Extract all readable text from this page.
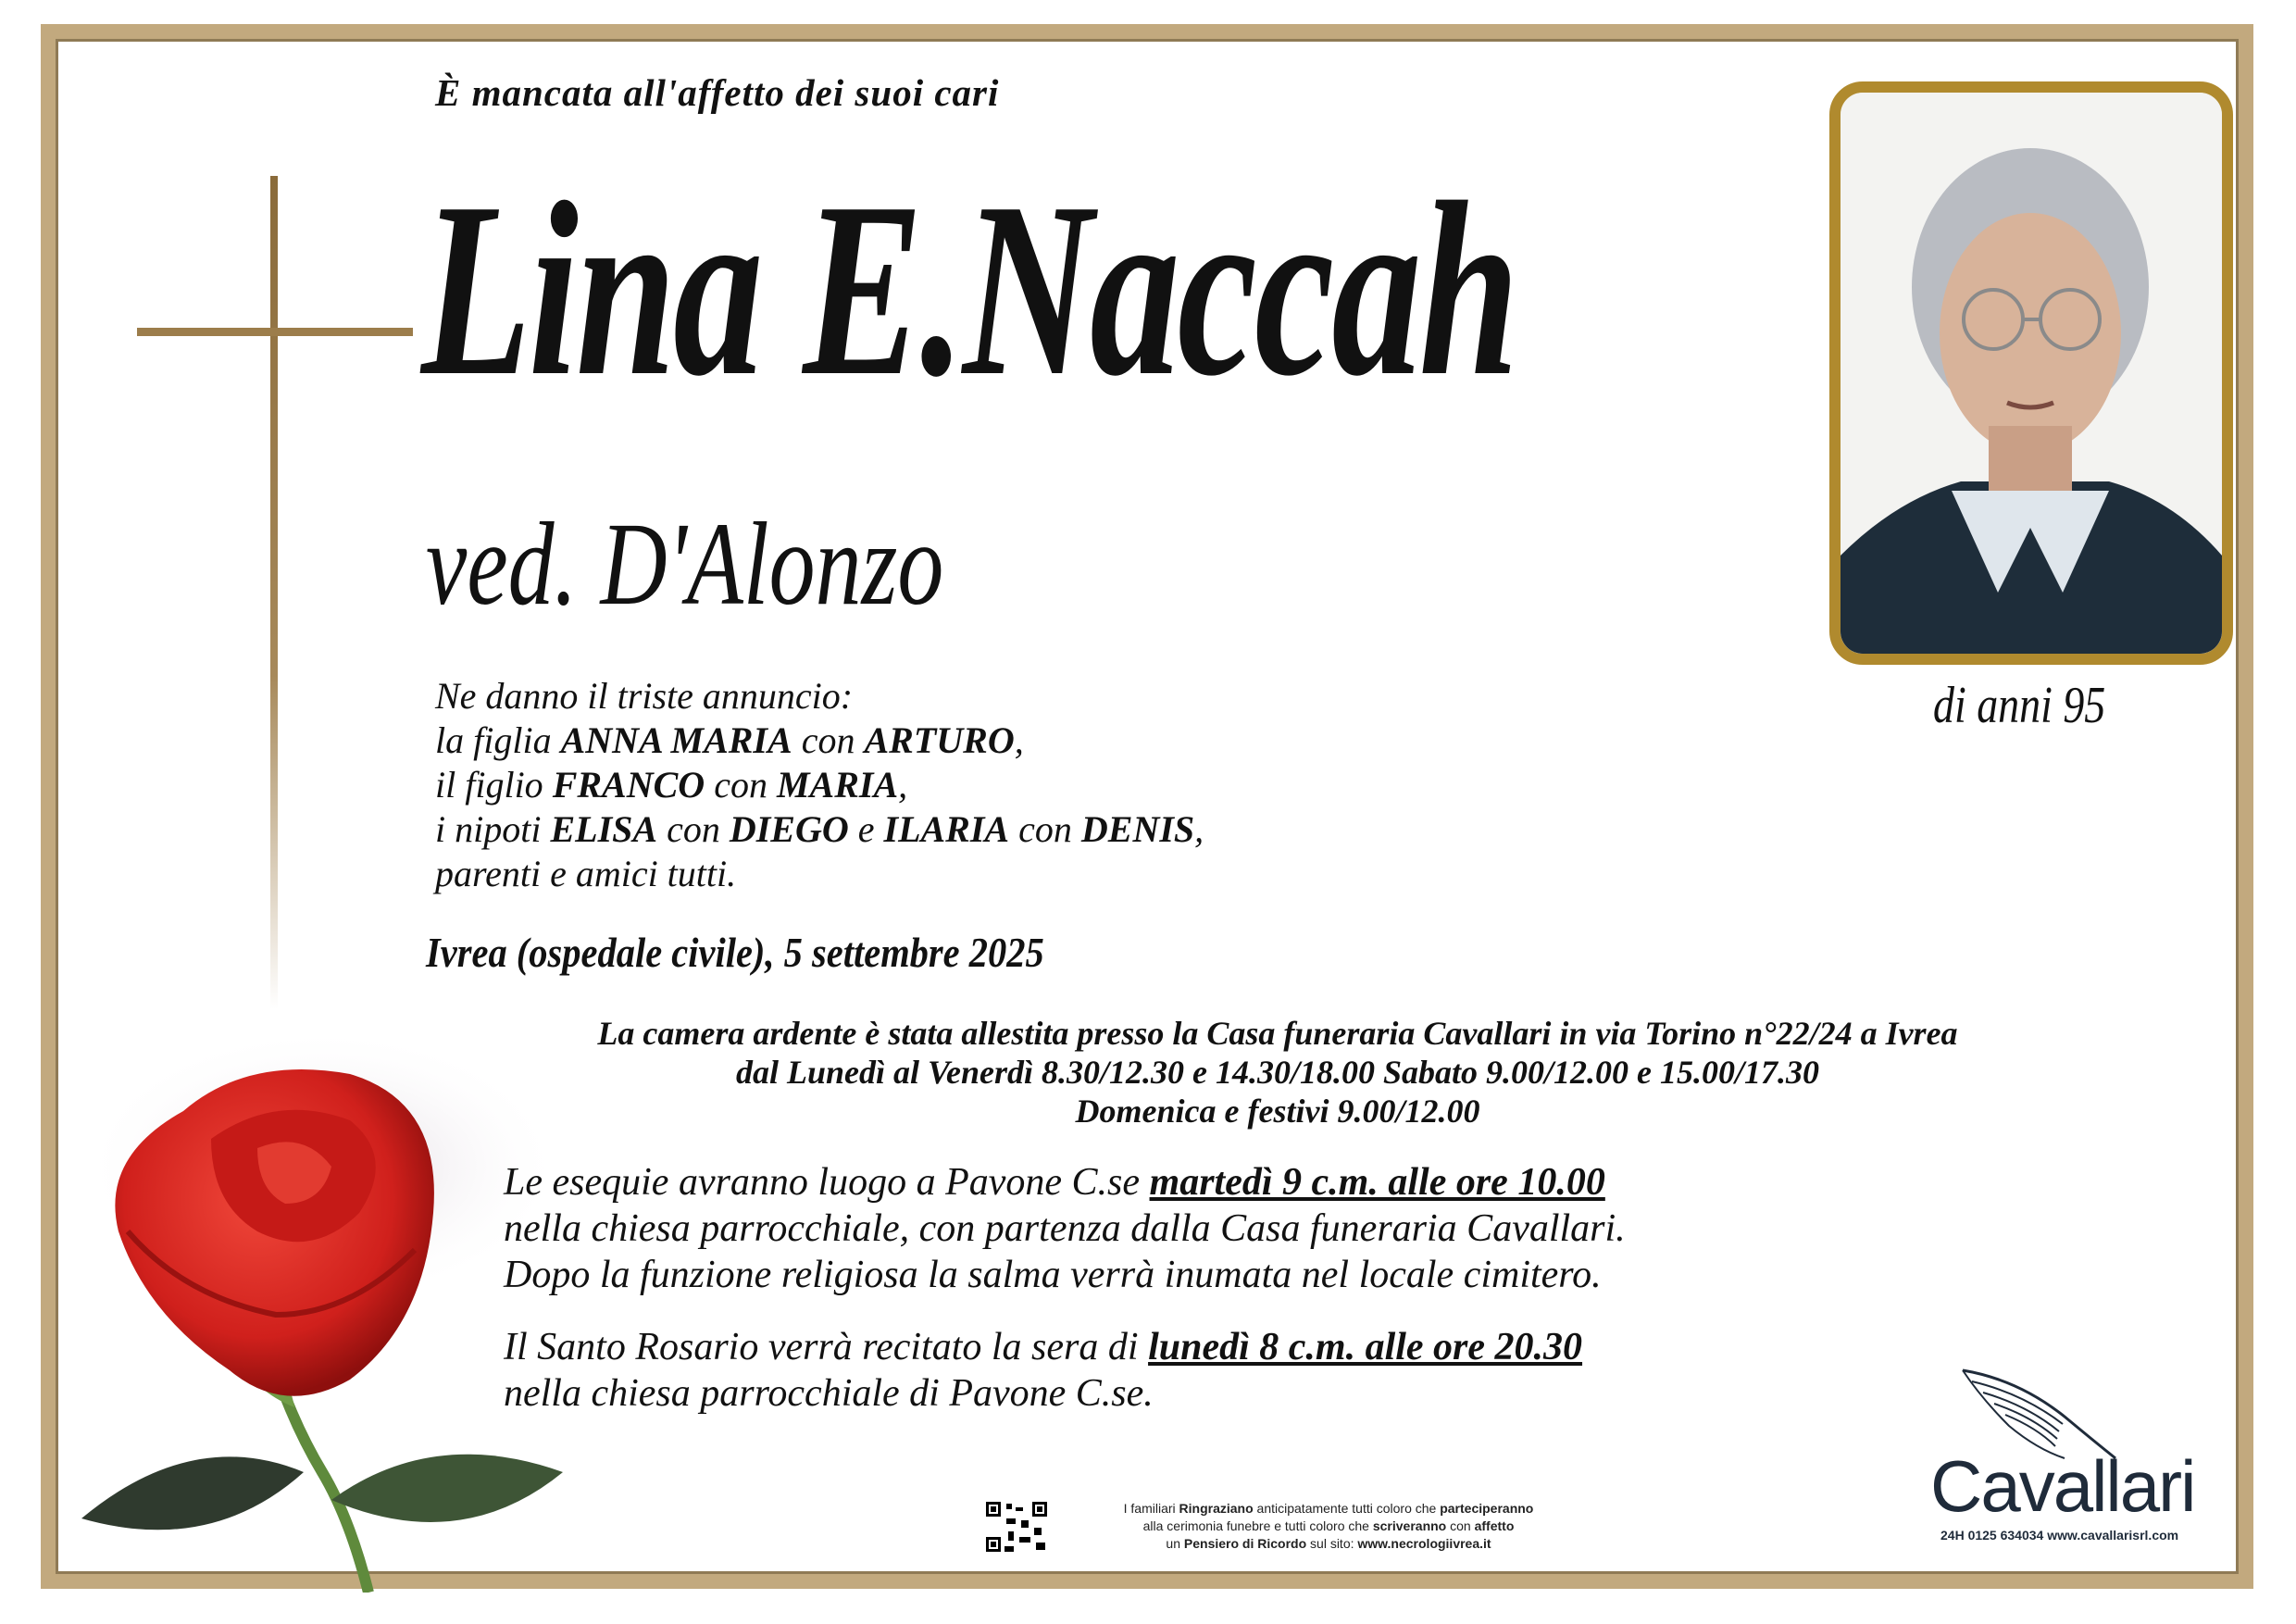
È mancata all'affetto dei suoi cari
Lina E.Naccah
ved. D'Alonzo
Ne danno il triste annuncio:
la figlia ANNA MARIA con ARTURO,
il figlio FRANCO con MARIA,
i nipoti ELISA con DIEGO e ILARIA con DENIS,
parenti e amici tutti.
Ivrea (ospedale civile), 5 settembre 2025
La camera ardente è stata allestita presso la Casa funeraria Cavallari in via Torino n°22/24 a Ivrea
dal Lunedì al Venerdì 8.30/12.30 e 14.30/18.00 Sabato 9.00/12.00 e 15.00/17.30
Domenica e festivi 9.00/12.00
Le esequie avranno luogo a Pavone C.se martedì 9 c.m. alle ore 10.00
nella chiesa parrocchiale, con partenza dalla Casa funeraria Cavallari.
Dopo la funzione religiosa la salma verrà inumata nel locale cimitero.
Il Santo Rosario verrà recitato la sera di lunedì 8 c.m. alle ore 20.30
nella chiesa parrocchiale di Pavone C.se.
di anni 95
I familiari Ringraziano anticipatamente tutti coloro che parteciperanno
alla cerimonia funebre e tutti coloro che scriveranno con affetto
un Pensiero di Ricordo sul sito: www.necrologiivrea.it
Cavallari
24H 0125 634034 www.cavallarisrl.com
